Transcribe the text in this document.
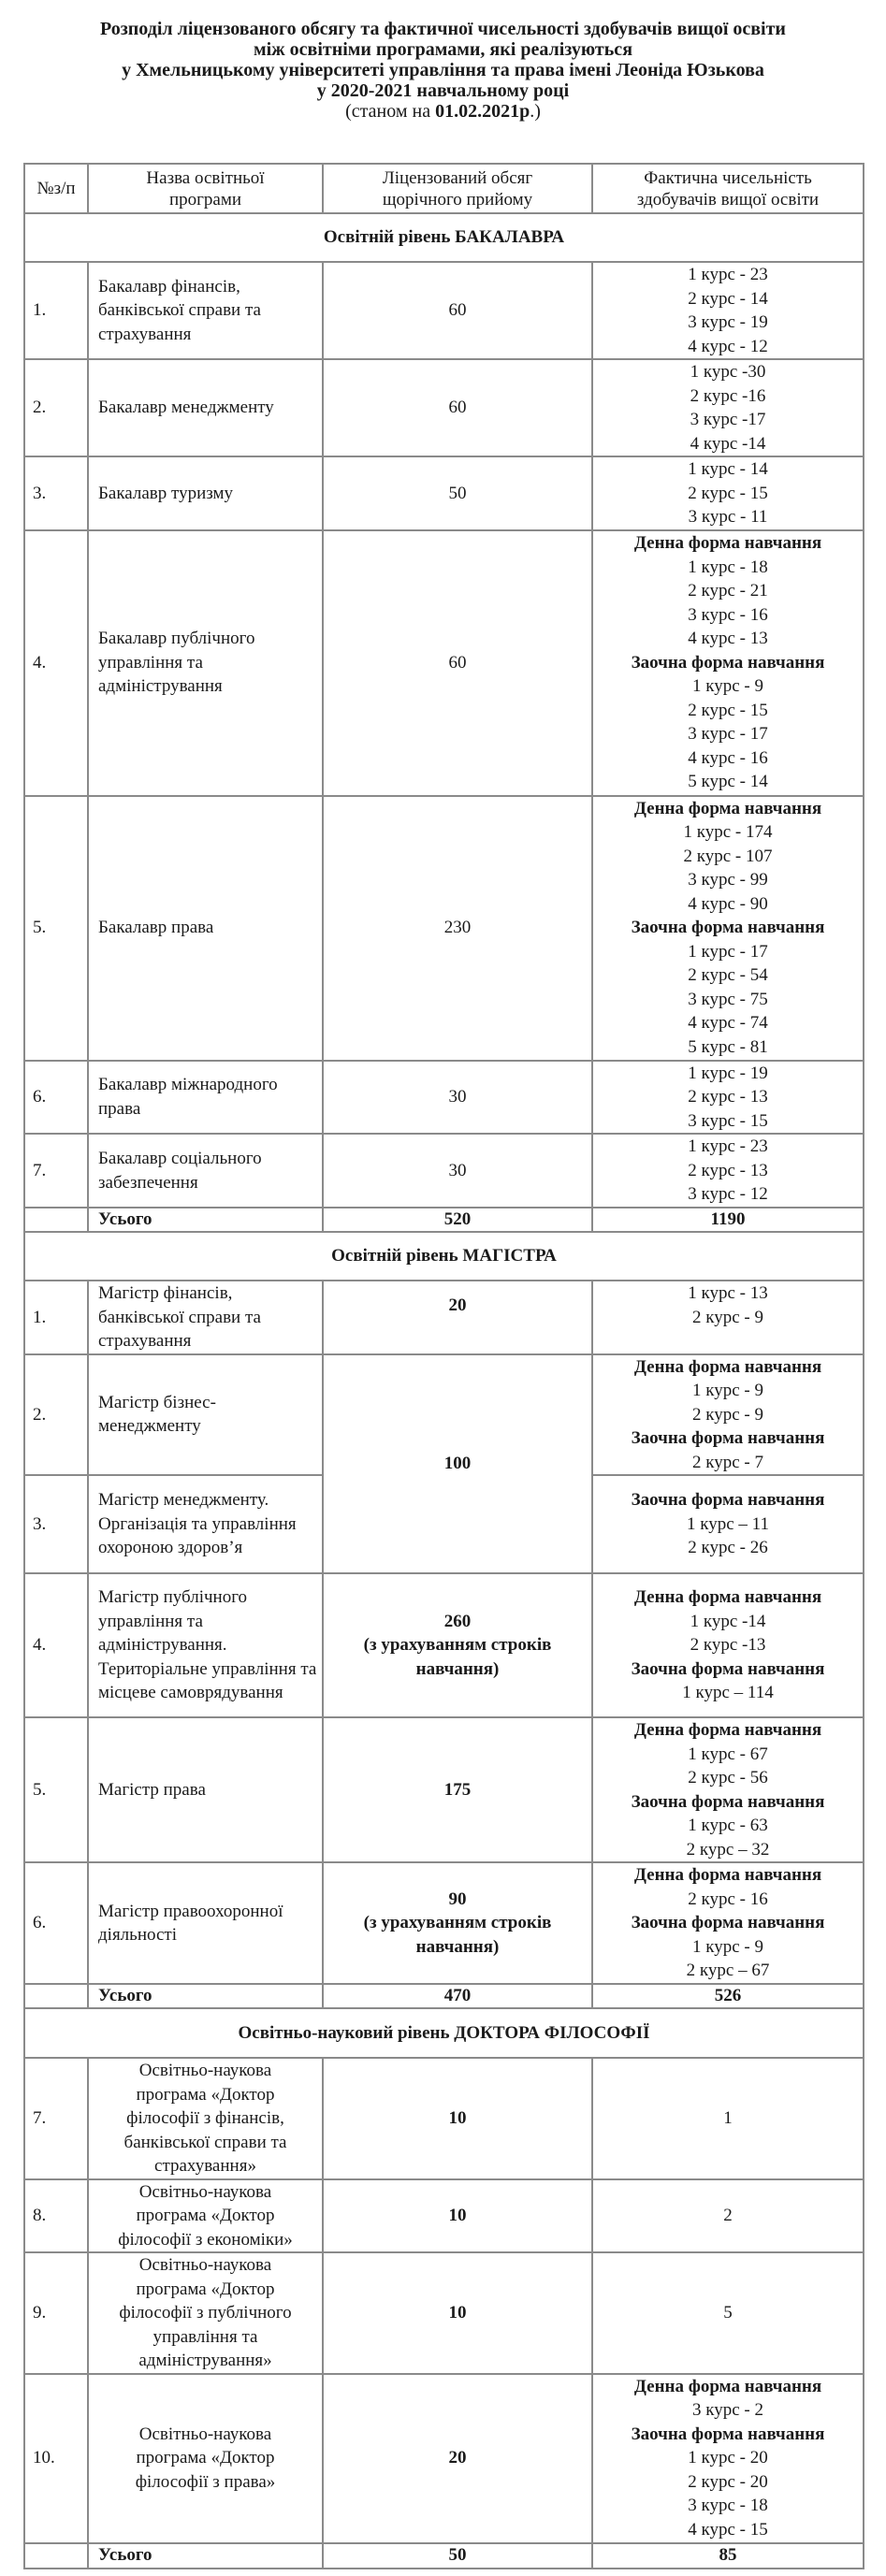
Розподіл ліцензованого обсягу та фактичної чисельності здобувачів вищої освіти
між освітніми програмами, які реалізуються
у Хмельницькому університеті управління та права імені Леоніда Юзькова
у 2020-2021 навчальному році
(станом на 01.02.2021р.)
№з/п	Назва освітньої програми	Ліцензований обсяг щорічного прийому	Фактична чисельність здобувачів вищої освіти
Освітній рівень БАКАЛАВРА			
1.	Бакалавр фінансів, банківської справи та страхування	60	1 курс - 23
2 курс - 14
3 курс - 19
4 курс - 12

2.	Бакалавр менеджменту	60	1 курс -30
2 курс -16
3 курс -17
4 курс -14

3.	Бакалавр туризму	50	1 курс - 14
2 курс - 15
3 курс - 11

4.	Бакалавр публічного управління та адміністрування	60	
Денна форма навчання
1 курс - 18
2 курс - 21
3 курс - 16
4 курс - 13
Заочна форма навчання
1 курс - 9
2 курс - 15
3 курс - 17
4 курс - 16
5 курс - 14

5.	Бакалавр права	230	
Денна форма навчання
1 курс - 174
2 курс - 107
3 курс - 99
4 курс - 90
Заочна форма навчання
1 курс - 17
2 курс - 54
3 курс - 75
4 курс - 74
5 курс - 81

6.	Бакалавр міжнародного права	30	1 курс - 19
2 курс - 13
3 курс - 15

7.	Бакалавр соціального забезпечення	30	1 курс - 23
2 курс - 13
3 курс - 12

	Усього	520	1190
Освітній рівень МАГІСТРА			
1.	Магістр фінансів, банківської справи та страхування	20	1 курс - 13
2 курс - 9

2.	Магістр бізнес-менеджменту	100	Денна форма навчання
1 курс - 9
2 курс - 9
Заочна форма навчання
2 курс - 7

3.	Магістр менеджменту. Організація та управління охороною здоров’я		Заочна форма навчання
1 курс – 11
2 курс - 26

4.	Магістр публічного управління та адміністрування. Територіальне управління та місцеве самоврядування	260
(з урахуванням строків навчання)	Денна форма навчання
1 курс -14
2 курс -13
Заочна форма навчання
1 курс – 114

5.	Магістр права	175	
Денна форма навчання
1 курс - 67
2 курс - 56
Заочна форма навчання
1 курс - 63
2 курс – 32

6.	Магістр правоохоронної діяльності	90
(з урахуванням строків навчання)	Денна форма навчання
2 курс - 16
Заочна форма навчання
1 курс - 9
2 курс – 67

	Усього	470	526
Освітньо-науковий рівень ДОКТОРА ФІЛОСОФІЇ			
7.	Освітньо-наукова програма «Доктор філософії з фінансів, банківської справи та страхування»	10	1
8.	Освітньо-наукова програма «Доктор філософії з економіки»	10	2
9.	Освітньо-наукова програма «Доктор філософії з публічного управління та адміністрування»	10	5
10.	Освітньо-наукова програма «Доктор філософії з права»	20	
Денна форма навчання
3 курс - 2
Заочна форма навчання
1 курс - 20
2 курс - 20
3 курс - 18
4 курс - 15

	Усього	50	85
